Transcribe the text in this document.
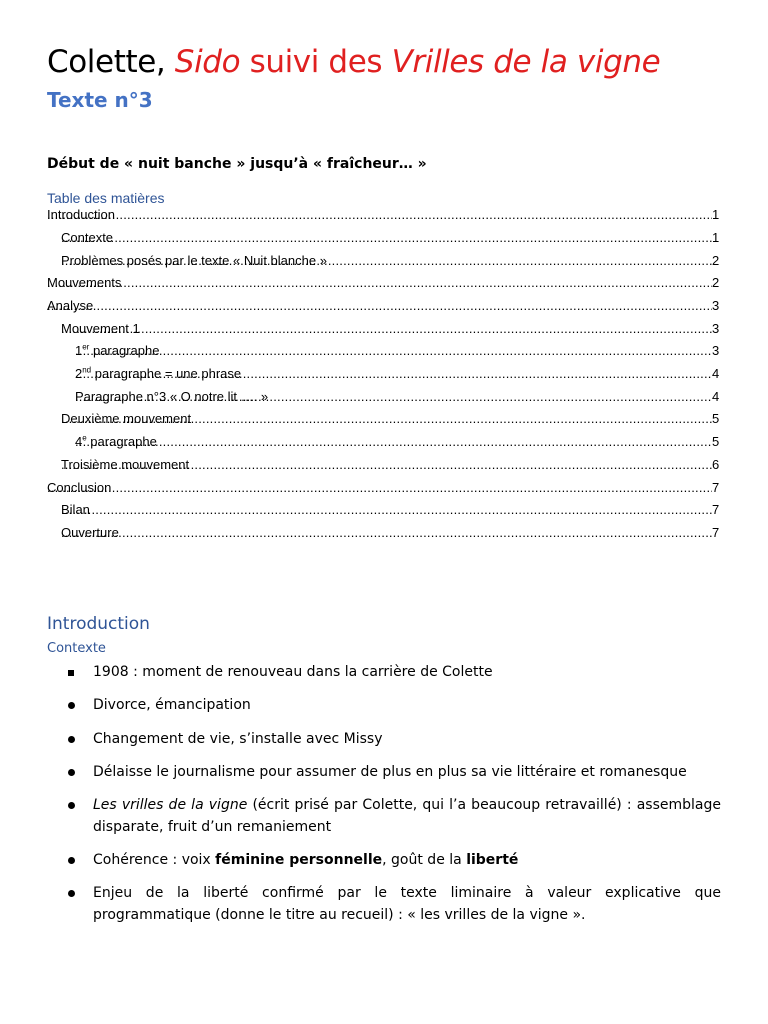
Colette, Sido suivi des Vrilles de la vigne
Texte n°3
Début de « nuit banche » jusqu’à « fraîcheur… »
Table des matières
Introduction .....	1
Contexte .....	1
Problèmes posés par le texte « Nuit blanche » .....	2
Mouvements .....	2
Analyse .....	3
Mouvement 1 .....	3
1er paragraphe .....	3
2nd paragraphe = une phrase .....	4
Paragraphe n°3 « O notre lit …. » .....	4
Deuxième mouvement .....	5
4e paragraphe .....	5
Troisième mouvement .....	6
Conclusion .....	7
Bilan .....	7
Ouverture .....	7
Introduction
Contexte
1908 : moment de renouveau dans la carrière de Colette
Divorce, émancipation
Changement de vie, s’installe avec Missy
Délaisse le journalisme pour assumer de plus en plus sa vie littéraire et romanesque
Les vrilles de la vigne (écrit prisé par Colette, qui l’a beaucoup retravaillé) : assemblage disparate, fruit d’un remaniement
Cohérence : voix féminine personnelle, goût de la liberté
Enjeu de la liberté confirmé par le texte liminaire à valeur explicative que programmatique (donne le titre au recueil) : « les vrilles de la vigne ».
